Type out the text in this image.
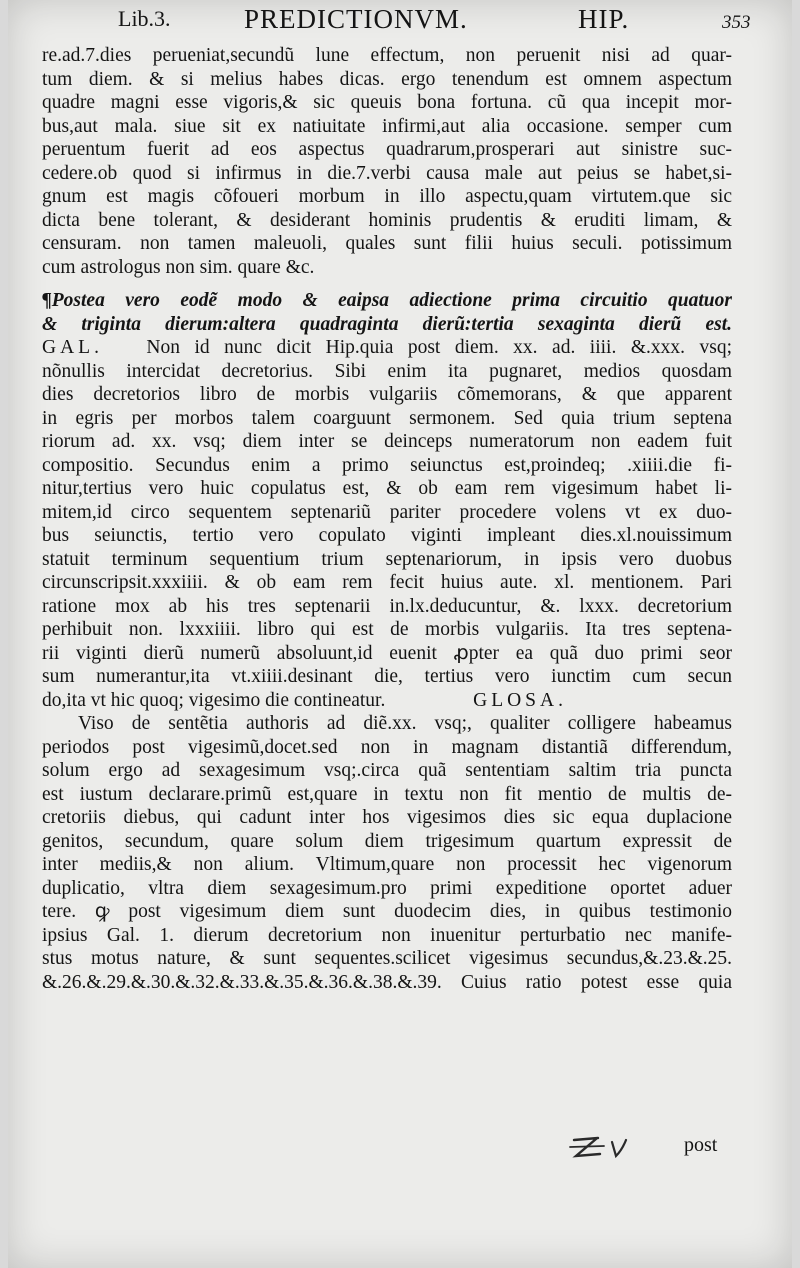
Lib.3.	PREDICTIONVM.	HIP.	353
re.ad.7.dies perueniat,secundũ lune effectum, non peruenit nisi ad quar-
tum diem. & si melius habes dicas. ergo tenendum est omnem aspectum
quadre magni esse vigoris,& sic queuis bona fortuna. cũ qua incepit mor-
bus,aut mala. siue sit ex natiuitate infirmi,aut alia occasione. semper cum
peruentum fuerit ad eos aspectus quadrarum,prosperari aut sinistre suc-
cedere.ob quod si infirmus in die.7.verbi causa male aut peius se habet,si-
gnum est magis cõfoueri morbum in illo aspectu,quam virtutem.que sic
dicta bene tolerant, & desiderant hominis prudentis & eruditi limam, &
censuram. non tamen maleuoli, quales sunt filii huius seculi. potissimum
cum astrologus non sim. quare &c.
¶Postea vero eodẽ modo & eaipsa adiectione prima circuitio quatuor
& triginta dierum:altera quadraginta dierũ:tertia sexaginta dierũ est.
GAL. Non id nunc dicit Hip.quia post diem. xx. ad. iiii. &.xxx. vsq;
nõnullis intercidat decretorius. Sibi enim ita pugnaret, medios quosdam
dies decretorios libro de morbis vulgariis cõmemorans, & que apparent
in egris per morbos talem coarguunt sermonem. Sed quia trium septena
riorum ad. xx. vsq; diem inter se deinceps numeratorum non eadem fuit
compositio. Secundus enim a primo seiunctus est,proindeq; .xiiii.die fi-
nitur,tertius vero huic copulatus est, & ob eam rem vigesimum habet li-
mitem,id circo sequentem septenariũ pariter procedere volens vt ex duo-
bus seiunctis, tertio vero copulato viginti impleant dies.xl.nouissimum
statuit terminum sequentium trium septenariorum, in ipsis vero duobus
circunscripsit.xxxiiii. & ob eam rem fecit huius aute. xl. mentionem. Pari
ratione mox ab his tres septenarii in.lx.deducuntur, &. lxxx. decretorium
perhibuit non. lxxxiiii. libro qui est de morbis vulgariis. Ita tres septena-
rii viginti dierũ numerũ absoluunt,id euenit ꝓpter ea quã duo primi seor
sum numerantur,ita vt.xiiii.desinant die, tertius vero iunctim cum secun
do,ita vt hic quoq; vigesimo die contineatur.	GLOSA.
Viso de sentẽtia authoris ad diẽ.xx. vsq;, qualiter colligere habeamus
periodos post vigesimũ,docet.sed non in magnam distantiã differendum,
solum ergo ad sexagesimum vsq;.circa quã sententiam saltim tria puncta
est iustum declarare.primũ est,quare in textu non fit mentio de multis de-
cretoriis diebus, qui cadunt inter hos vigesimos dies sic equa duplacione
genitos, secundum, quare solum diem trigesimum quartum expressit de
inter mediis,& non alium. Vltimum,quare non processit hec vigenorum
duplicatio, vltra diem sexagesimum.pro primi expeditione oportet aduer
tere. ꝙ post vigesimum diem sunt duodecim dies, in quibus testimonio
ipsius Gal. 1. dierum decretorium non inuenitur perturbatio nec manife-
stus motus nature, & sunt sequentes.scilicet vigesimus secundus,&.23.&.25.
&.26.&.29.&.30.&.32.&.33.&.35.&.36.&.38.&.39. Cuius ratio potest esse quia
post
